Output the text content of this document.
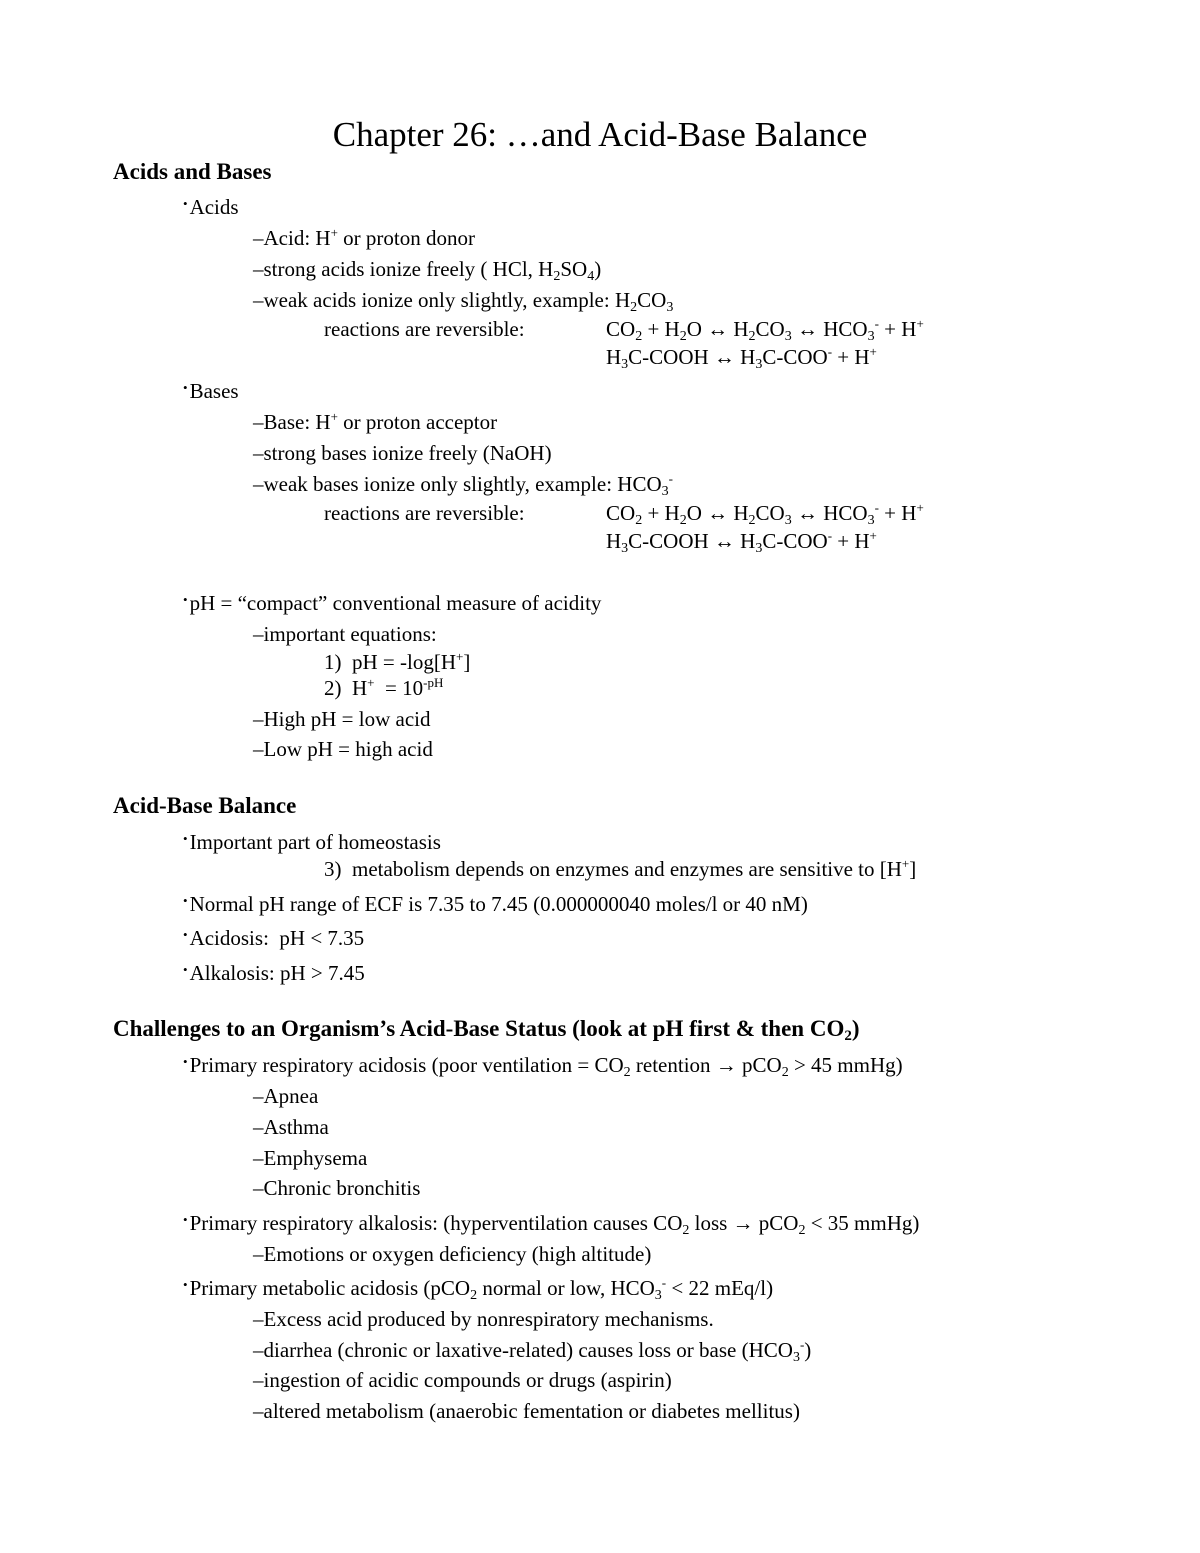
Chapter 26: …and Acid-Base Balance
Acids and Bases
•Acids
–Acid: H+ or proton donor
–strong acids ionize freely ( HCl, $H_2SO_4$)
–weak acids ionize only slightly, example: $H_2CO_3$
reactions are reversible:	$CO_2 + H_2O$ ↔ $H_2CO_3$ ↔ $HCO_3^- + H^+$
$H_3C$-COOH ↔ $H_3C-COO^- + H^+$
•Bases
–Base: H+ or proton acceptor
–strong bases ionize freely (NaOH)
–weak bases ionize only slightly, example: $HCO_3^-$
reactions are reversible:	$CO_2 + H_2O$ ↔ $H_2CO_3$ ↔ $HCO_3^- + H^+$
$H_3C$-COOH ↔ $H_3C-COO^- + H^+$
•pH = “compact” conventional measure of acidity
–important equations:
1)  pH = -log[H+]
2)  $H^+ = 10^{-pH}$
–High pH = low acid
–Low pH = high acid
Acid-Base Balance
•Important part of homeostasis
3)  metabolism depends on enzymes and enzymes are sensitive to [H+]
•Normal pH range of ECF is 7.35 to 7.45 (0.000000040 moles/l or 40 nM)
•Acidosis:  pH < 7.35
•Alkalosis: pH > 7.45
Challenges to an Organism’s Acid-Base Status (look at pH first & then $CO_2$)
•Primary respiratory acidosis (poor ventilation = $CO_2$ retention → pCO$_2$ > 45 mmHg)
–Apnea
–Asthma
–Emphysema
–Chronic bronchitis
•Primary respiratory alkalosis: (hyperventilation causes $CO_2$ loss → pCO$_2$ < 35 mmHg)
–Emotions or oxygen deficiency (high altitude)
•Primary metabolic acidosis (pCO$_2$ normal or low, $HCO_3^- < 22$ mEq/l)
–Excess acid produced by nonrespiratory mechanisms.
–diarrhea (chronic or laxative-related) causes loss or base $(HCO_3^-)$
–ingestion of acidic compounds or drugs (aspirin)
–altered metabolism (anaerobic fementation or diabetes mellitus)
